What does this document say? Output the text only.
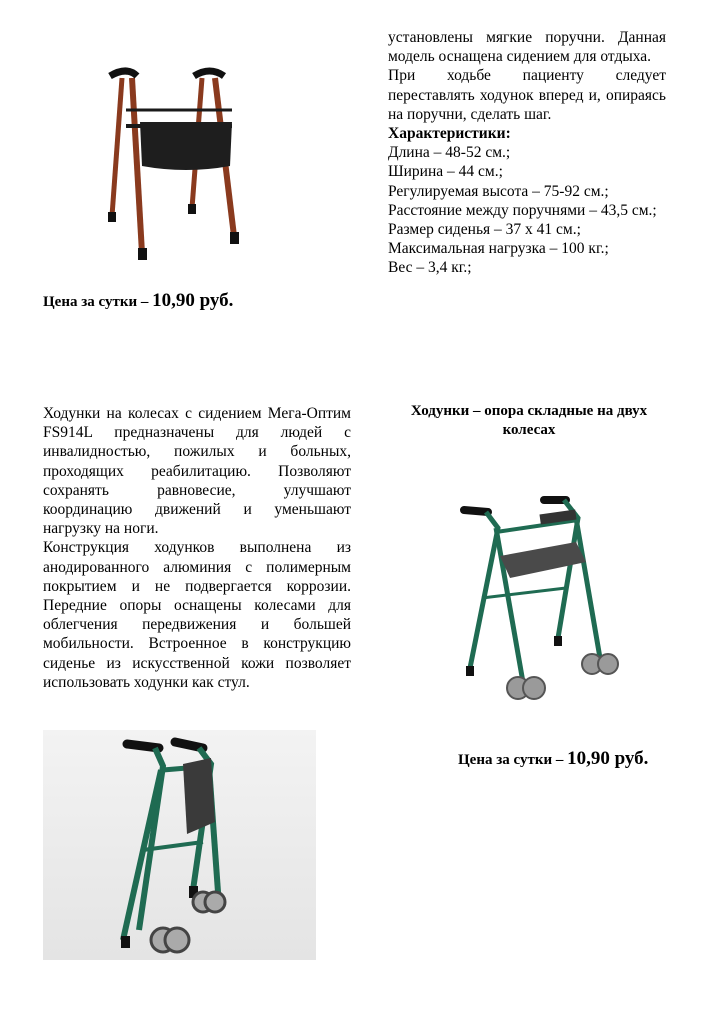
установлены мягкие поручни. Данная модель оснащена сидением для отдыха.

При ходьбе пациенту следует переставлять ходунок вперед и, опираясь на поручни, сделать шаг.

Характеристики:

Длина – 48-52 см.;

Ширина – 44 см.;

Регулируемая высота – 75-92 см.;

Расстояние между поручнями – 43,5 см.;

Размер сиденья – 37 х 41 см.;

Максимальная нагрузка – 100 кг.;

Вес – 3,4 кг.;

Цена за сутки – 10,90 руб.

Ходунки на колесах с сидением Мега-Оптим FS914L предназначены для людей с инвалидностью, пожилых и больных, проходящих реабилитацию. Позволяют сохранять равновесие, улучшают координацию движений и уменьшают нагрузку на ноги.

Конструкция ходунков выполнена из анодированного алюминия с полимерным покрытием и не подвергается коррозии. Передние опоры оснащены колесами для облегчения передвижения и большей мобильности. Встроенное в конструкцию сиденье из искусственной кожи позволяет использовать ходунки как стул.

Ходунки – опора складные на двух колесах
Цена за сутки – 10,90 руб.
